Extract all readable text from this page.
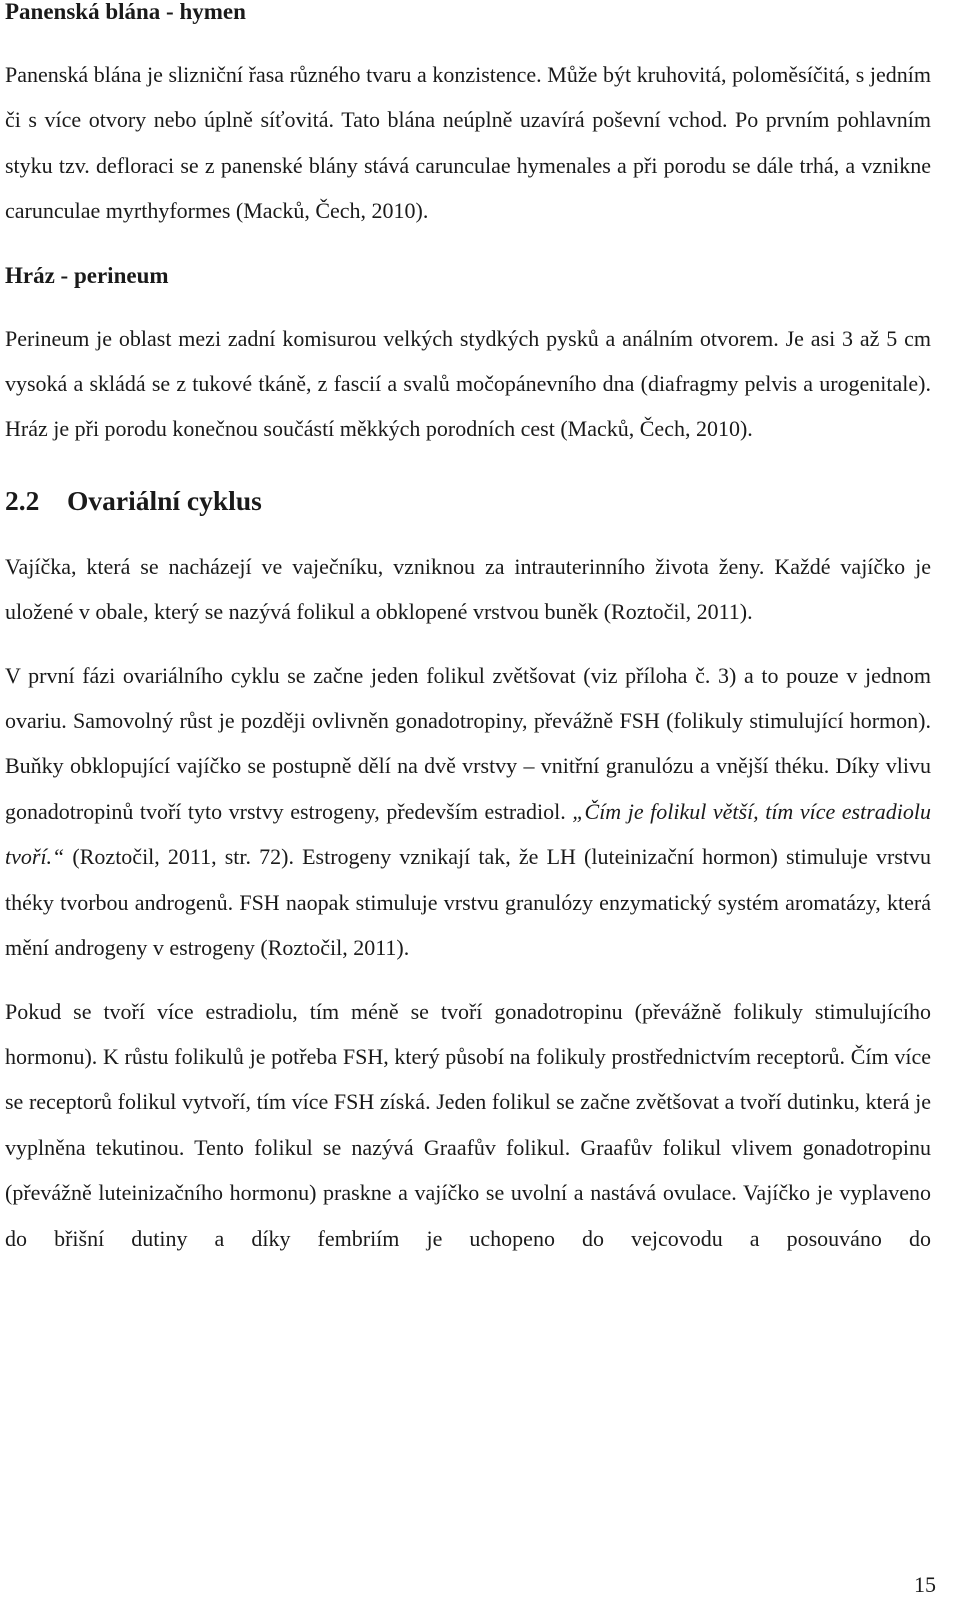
Panenská blána - hymen

Panenská blána je slizniční řasa různého tvaru a konzistence. Může být kruhovitá, poloměsíčitá, s jedním či s více otvory nebo úplně síťovitá. Tato blána neúplně uzavírá poševní vchod. Po prvním pohlavním styku tzv. defloraci se z panenské blány stává carunculae hymenales a při porodu se dále trhá, a vznikne carunculae myrthyformes (Macků, Čech, 2010).

Hráz - perineum

Perineum je oblast mezi zadní komisurou velkých stydkých pysků a análním otvorem. Je asi 3 až 5 cm vysoká a skládá se z tukové tkáně, z fascií a svalů močopánevního dna (diafragmy pelvis a urogenitale). Hráz je při porodu konečnou součástí měkkých porodních cest (Macků, Čech, 2010).

2.2 Ovariální cyklus

Vajíčka, která se nacházejí ve vaječníku, vzniknou za intrauterinního života ženy. Každé vajíčko je uložené v obale, který se nazývá folikul a obklopené vrstvou buněk (Roztočil, 2011).

V první fázi ovariálního cyklu se začne jeden folikul zvětšovat (viz příloha č. 3) a to pouze v jednom ovariu. Samovolný růst je později ovlivněn gonadotropiny, převážně FSH (folikuly stimulující hormon). Buňky obklopující vajíčko se postupně dělí na dvě vrstvy – vnitřní granulózu a vnější théku. Díky vlivu gonadotropinů tvoří tyto vrstvy estrogeny, především estradiol. „Čím je folikul větší, tím více estradiolu tvoří.“ (Roztočil, 2011, str. 72). Estrogeny vznikají tak, že LH (luteinizační hormon) stimuluje vrstvu théky tvorbou androgenů. FSH naopak stimuluje vrstvu granulózy enzymatický systém aromatázy, která mění androgeny v estrogeny (Roztočil, 2011).

Pokud se tvoří více estradiolu, tím méně se tvoří gonadotropinu (převážně folikuly stimulujícího hormonu). K růstu folikulů je potřeba FSH, který působí na folikuly prostřednictvím receptorů. Čím více se receptorů folikul vytvoří, tím více FSH získá. Jeden folikul se začne zvětšovat a tvoří dutinku, která je vyplněna tekutinou. Tento folikul se nazývá Graafův folikul. Graafův folikul vlivem gonadotropinu (převážně luteinizačního hormonu) praskne a vajíčko se uvolní a nastává ovulace. Vajíčko je vyplaveno do břišní dutiny a díky fembriím je uchopeno do vejcovodu a posouváno do

15
